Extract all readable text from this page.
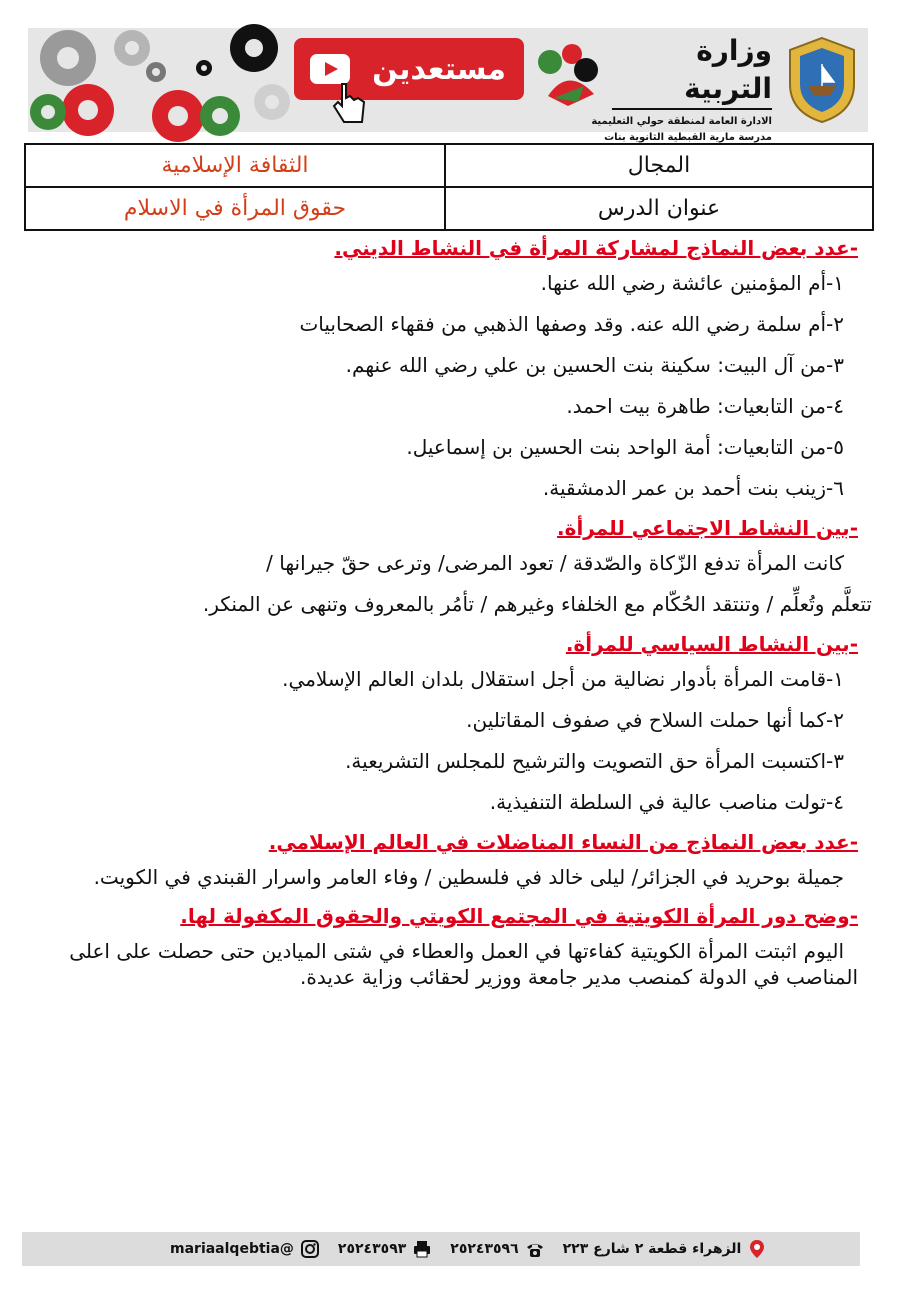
مستعدين
وزارة التربية
الادارة العامة لمنطقة حولي التعليمية
مدرسة مارية القبطية الثانوية بنات
المجال	الثقافة الإسلامية
عنوان الدرس	حقوق المرأة في الاسلام
-عدد بعض النماذج لمشاركة المرأة في النشاط الديني.
١-أم المؤمنين عائشة رضي الله عنها.
٢-أم سلمة رضي الله عنه. وقد وصفها الذهبي من فقهاء الصحابيات
٣-من آل البيت: سكينة بنت الحسين بن علي رضي الله عنهم.
٤-من التابعيات: طاهرة بيت احمد.
٥-من التابعيات: أمة الواحد بنت الحسين بن إسماعيل.
٦-زينب بنت أحمد بن عمر الدمشقية.
-بين النشاط الاجتماعي للمرأة.
كانت المرأة تدفع الزّكاة والصّدقة / تعود المرضى/ وترعى حقّ جيرانها /
تتعلَّم وتُعلِّم / وتنتقد الحُكّام مع الخلفاء وغيرهم / تأمُر بالمعروف وتنهى عن المنكر.
-بين النشاط السياسي للمرأة.
١-قامت المرأة بأدوار نضالية من أجل استقلال بلدان العالم الإسلامي.
٢-كما أنها حملت السلاح في صفوف المقاتلين.
٣-اكتسبت المرأة حق التصويت والترشيح للمجلس التشريعية.
٤-تولت مناصب عالية في السلطة التنفيذية.
-عدد بعض النماذج من النساء المناضلات في العالم الإسلامي.
جميلة بوحريد في الجزائر/ ليلى خالد في فلسطين / وفاء العامر واسرار القبندي في الكويت.
-وضح دور المرأة الكويتية في المجتمع الكويتي والحقوق المكفولة لها.
اليوم اثبتت المرأة الكويتية كفاءتها في العمل والعطاء في شتى الميادين حتى حصلت على اعلى المناصب في الدولة كمنصب مدير جامعة ووزير لحقائب وزاية عديدة.
الزهراء قطعة ٢ شارع ٢٢٣
٢٥٢٤٣٥٩٦
٢٥٢٤٣٥٩٣
@mariaalqebtia
